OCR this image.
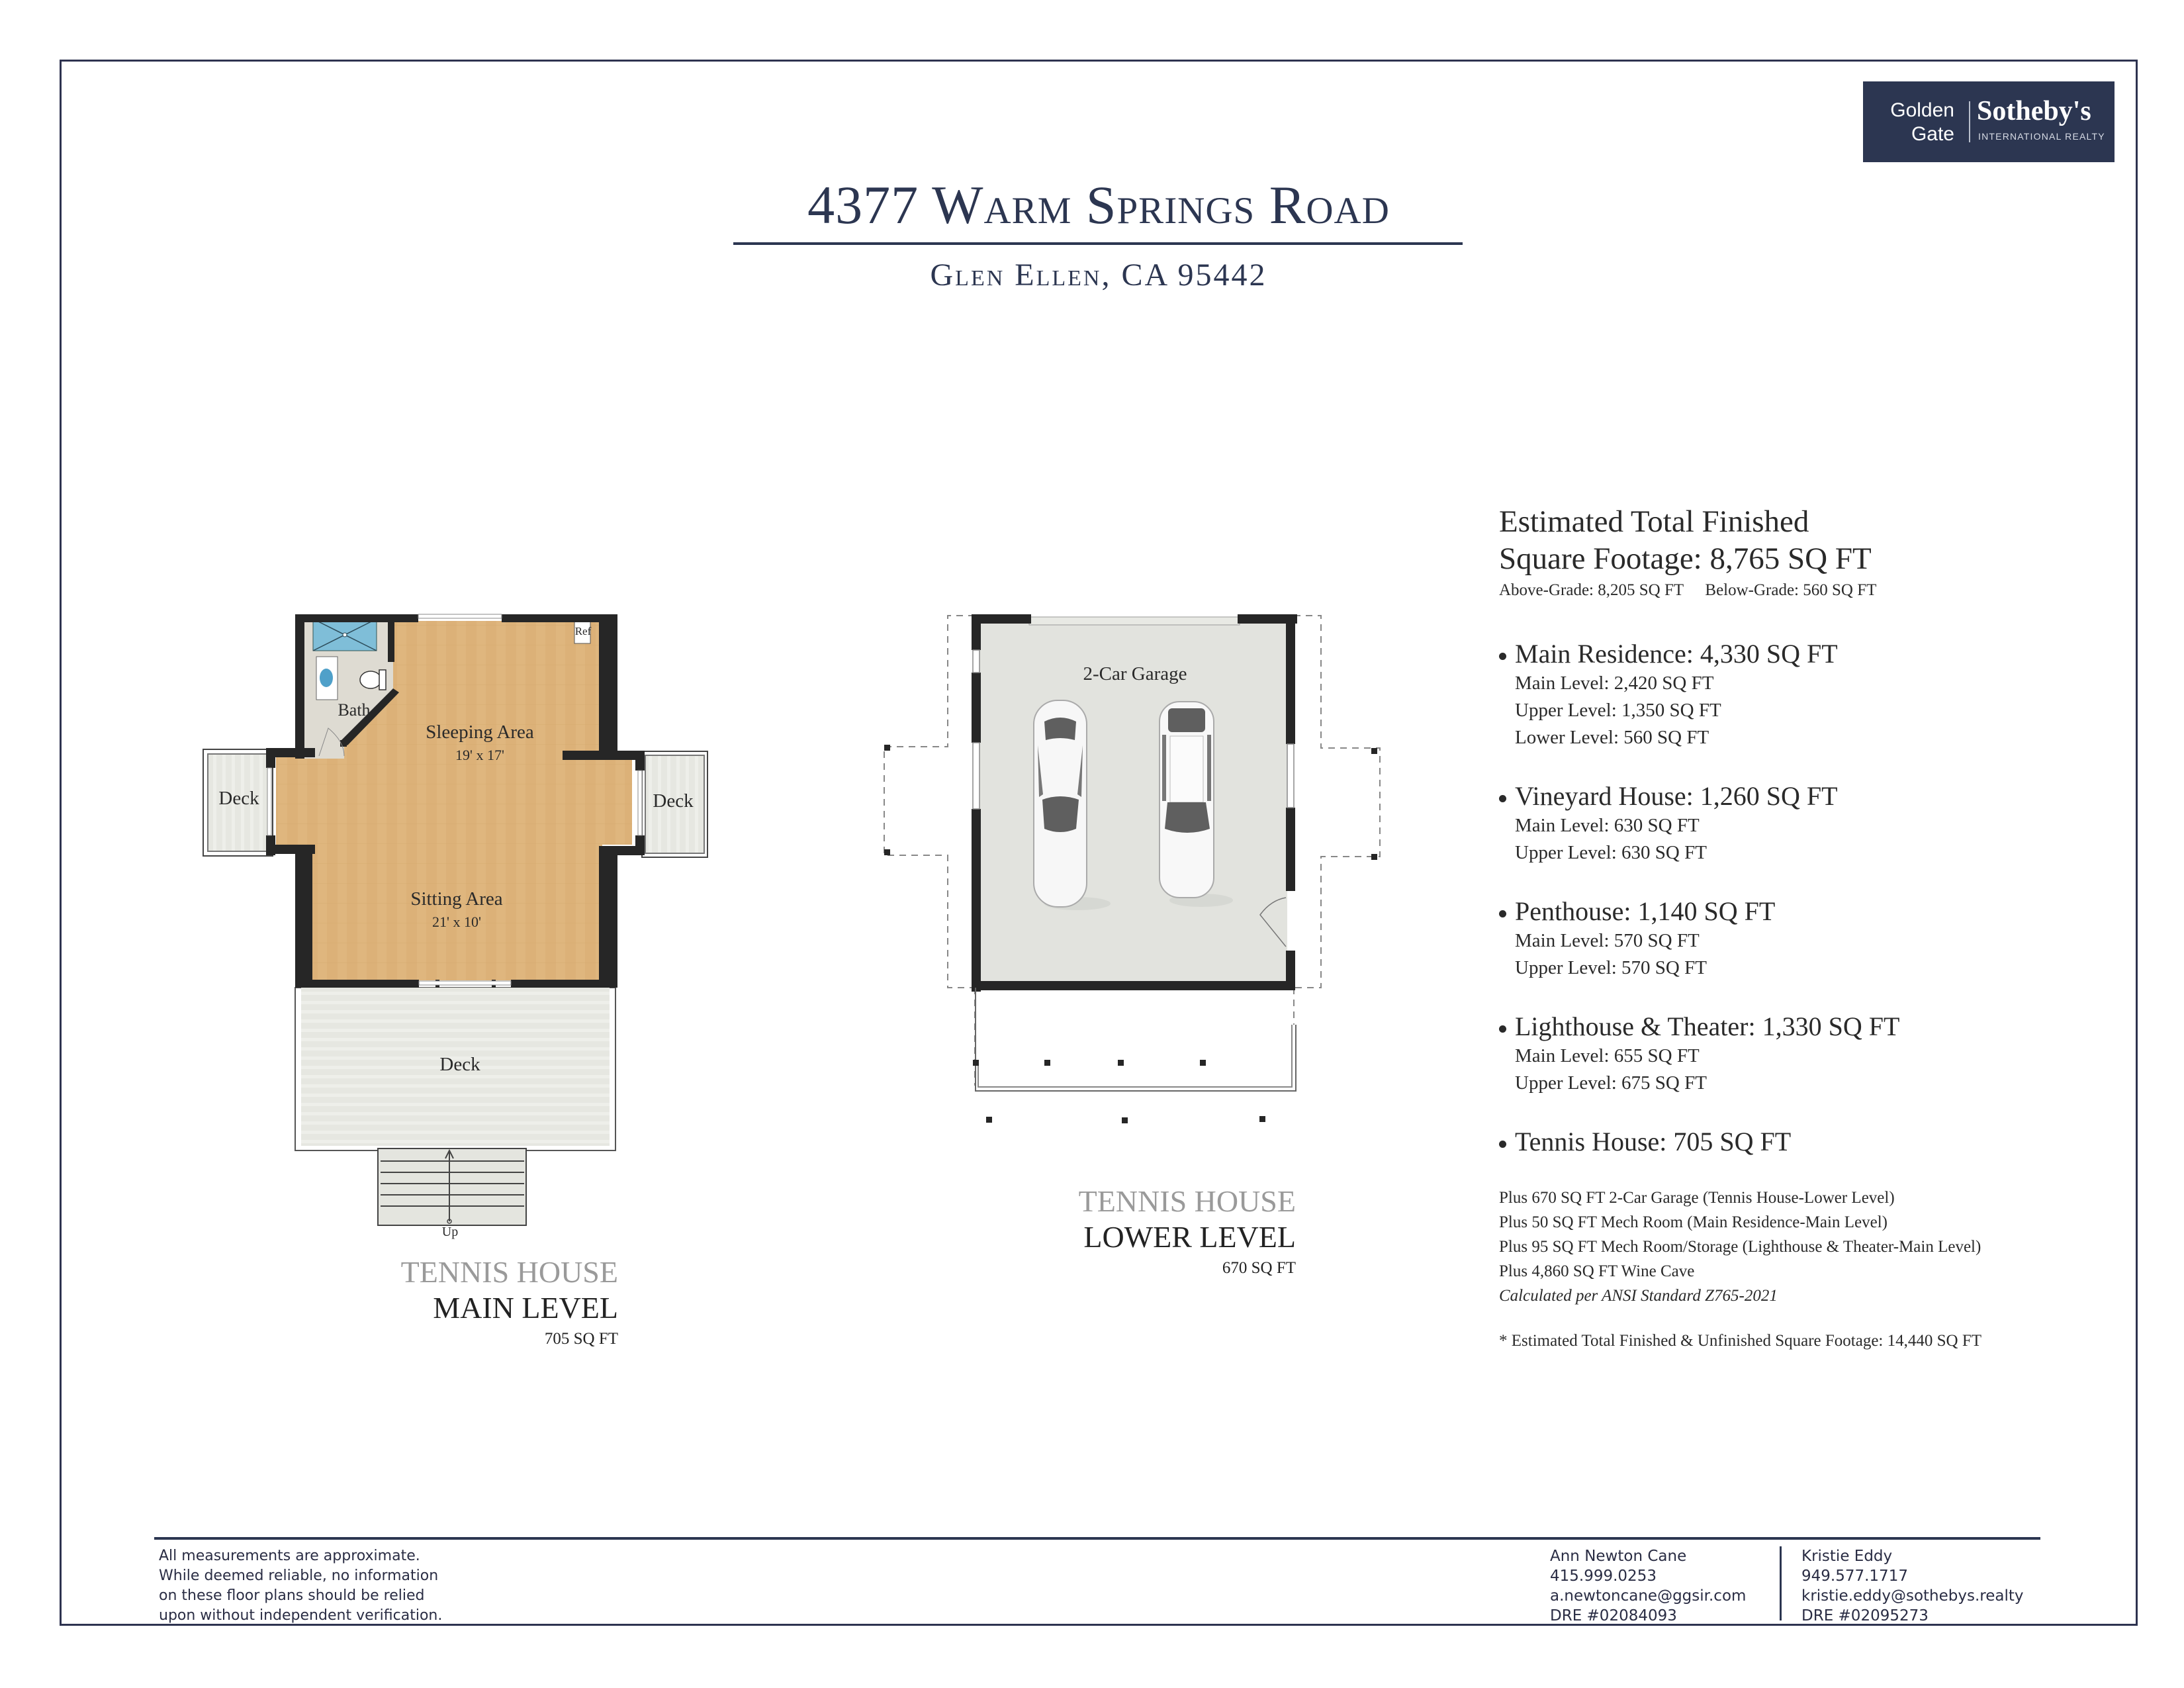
Golden
Gate
Sotheby's
INTERNATIONAL REALTY
4377 Warm Springs Road
Glen Ellen, CA 95442
Bath
Ref
Sleeping Area
19' x 17'
Sitting Area
21' x 10'
Deck	Deck
Deck
Up
TENNIS HOUSE
MAIN LEVEL
705 SQ FT
2-Car Garage
TENNIS HOUSE
LOWER LEVEL
670 SQ FT
Estimated Total Finished
Square Footage: 8,765 SQ FT
Above-Grade: 8,205 SQ FT Below-Grade: 560 SQ FT
Main Residence: 4,330 SQ FT
Main Level: 2,420 SQ FT
Upper Level: 1,350 SQ FT
Lower Level: 560 SQ FT
Vineyard House: 1,260 SQ FT
Main Level: 630 SQ FT
Upper Level: 630 SQ FT
Penthouse: 1,140 SQ FT
Main Level: 570 SQ FT
Upper Level: 570 SQ FT
Lighthouse & Theater: 1,330 SQ FT
Main Level: 655 SQ FT
Upper Level: 675 SQ FT
Tennis House: 705 SQ FT
Plus 670 SQ FT 2-Car Garage (Tennis House-Lower Level)
Plus 50 SQ FT Mech Room (Main Residence-Main Level)
Plus 95 SQ FT Mech Room/Storage (Lighthouse & Theater-Main Level)
Plus 4,860 SQ FT Wine Cave
Calculated per ANSI Standard Z765-2021
* Estimated Total Finished & Unfinished Square Footage: 14,440 SQ FT
All measurements are approximate.
While deemed reliable, no information
on these floor plans should be relied
upon without independent verification.
Ann Newton Cane
415.999.0253
a.newtoncane@ggsir.com
DRE #02084093
Kristie Eddy
949.577.1717
kristie.eddy@sothebys.realty
DRE #02095273
